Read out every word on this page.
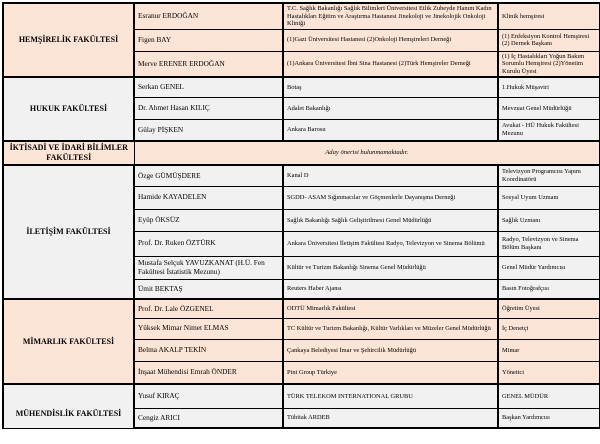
HEMŞİRELİK FAKÜLTESİ	Esranur ERDOĞAN	T.C. Sağlık Bakanlığı Sağlık Bilimleri Üniversitesi Etlik Zubeyde Hanım Kadın Hastalıkları Eğitim ve Araştırma Hastanesi Jinekoloji ve Jinekolojik Onkoloji Kliniği	Klinik hemşiresi
	Figen BAY	(1)Gazi Üniversitesi Hastanesi (2)Onkoloji Hemşireleri Derneği	(1) Enfeksiyon Kontrol Hemşiresi (2) Dernek Başkanı
	Merve ERENER ERDOĞAN	(1)Ankara Üniversitesi İbni Sina Hastanesi (2)Türk Hemşireler Derneği	(1) İç Hastalıkları Yoğun Bakım Sorumlu Hemşiresi (2)Yönetim Kurulu Üyesi
HUKUK FAKÜLTESİ	Serkan GENEL	Botaş	1.Hukuk Müşaviri
	Dr. Ahmet Hasan KILIÇ	Adalet Bakanlığı	Mevzuat Genel Müdürlüğü
	Gülay PİŞKEN	Ankara Barosu	Avukat - HÜ Hukuk Fakültesi Mezunu
İKTİSADİ VE İDARİ BİLİMLER FAKÜLTESİ	Aday önerisi bulunmamaktadır.		
İLETİŞİM FAKÜLTESİ	Özge GÜMÜŞDERE	Kanal D	Televizyon Programcısı Yapım Koordinatörü
	Hamide KAYADELEN	SGDD- ASAM Sığınmacılar ve Göçmenlerle Dayanışma Derneği	Sosyal Uyum Uzmanı
	Eyüp ÖKSÜZ	Sağlık Bakanlığı Sağlık Geliştirilmesi Genel Müdürlüğü	Sağlık Uzmanı
	Prof. Dr. Ruken ÖZTÜRK	Ankara Üniversitesi İletişim Fakültesi Radyo, Televizyon ve Sinema Bölümü	Radyo, Televizyon ve Sinema Bölüm Başkanı
	Mustafa Selçuk YAVUZKANAT (H.Ü. Fen Fakültesi İstatistik Mezunu)	Kültür ve Turizm Bakanlığı Sinema Genel Müdürlüğü	Genel Müdür Yardımcısı
	Ümit BEKTAŞ	Reuters Haber Ajansı	Basın Fotoğrafçısı
MİMARLIK FAKÜLTESİ	Prof. Dr. Lale ÖZGENEL	ODTÜ Mimarlık Fakültesi	Öğretim Üyesi
	Yüksek Mimar Nimet ELMAS	TC Kültür ve Turizm Bakanlığı, Kültür Varlıkları ve Müzeler Genel Müdürlüğü	İç Denetçi
	Belma AKALP TEKİN	Çankaya Belediyesi İmar ve Şehircilik Müdürlüğü	Mimar
	İnşaat Mühendisi Emrah ÖNDER	Pini Group Türkiye	Yönetici
MÜHENDİSLİK FAKÜLTESİ	Yusuf KIRAÇ	TÜRK TELEKOM INTERNATIONAL GRUBU	GENEL MÜDÜR
	Cengiz ARICI	Tübitak ARDEB	Başkan Yardımcısı
